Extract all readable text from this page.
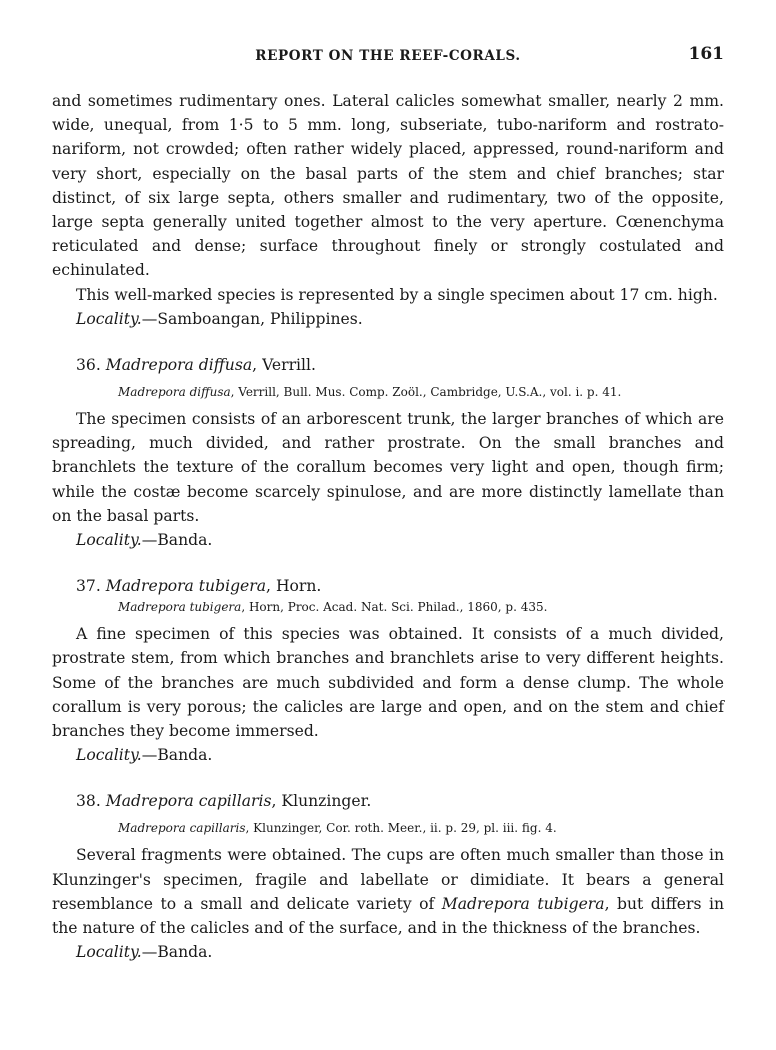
REPORT ON THE REEF-CORALS.	161

and sometimes rudimentary ones. Lateral calicles somewhat smaller, nearly 2 mm. wide, unequal, from 1·5 to 5 mm. long, subseriate, tubo-nariform and rostrato-nariform, not crowded; often rather widely placed, appressed, round-nariform and very short, especially on the basal parts of the stem and chief branches; star distinct, of six large septa, others smaller and rudimentary, two of the opposite, large septa generally united together almost to the very aperture. Cœnenchyma reticulated and dense; surface throughout finely or strongly costulated and echinulated.

This well-marked species is represented by a single specimen about 17 cm. high.

Locality.—Samboangan, Philippines.

36. Madrepora diffusa, Verrill.
Madrepora diffusa, Verrill, Bull. Mus. Comp. Zoöl., Cambridge, U.S.A., vol. i. p. 41.

The specimen consists of an arborescent trunk, the larger branches of which are spreading, much divided, and rather prostrate. On the small branches and branchlets the texture of the corallum becomes very light and open, though firm; while the costæ become scarcely spinulose, and are more distinctly lamellate than on the basal parts.

Locality.—Banda.

37. Madrepora tubigera, Horn.
Madrepora tubigera, Horn, Proc. Acad. Nat. Sci. Philad., 1860, p. 435.

A fine specimen of this species was obtained. It consists of a much divided, prostrate stem, from which branches and branchlets arise to very different heights. Some of the branches are much subdivided and form a dense clump. The whole corallum is very porous; the calicles are large and open, and on the stem and chief branches they become immersed.

Locality.—Banda.

38. Madrepora capillaris, Klunzinger.
Madrepora capillaris, Klunzinger, Cor. roth. Meer., ii. p. 29, pl. iii. fig. 4.

Several fragments were obtained. The cups are often much smaller than those in Klunzinger's specimen, fragile and labellate or dimidiate. It bears a general resemblance to a small and delicate variety of Madrepora tubigera, but differs in the nature of the calicles and of the surface, and in the thickness of the branches.

Locality.—Banda.
